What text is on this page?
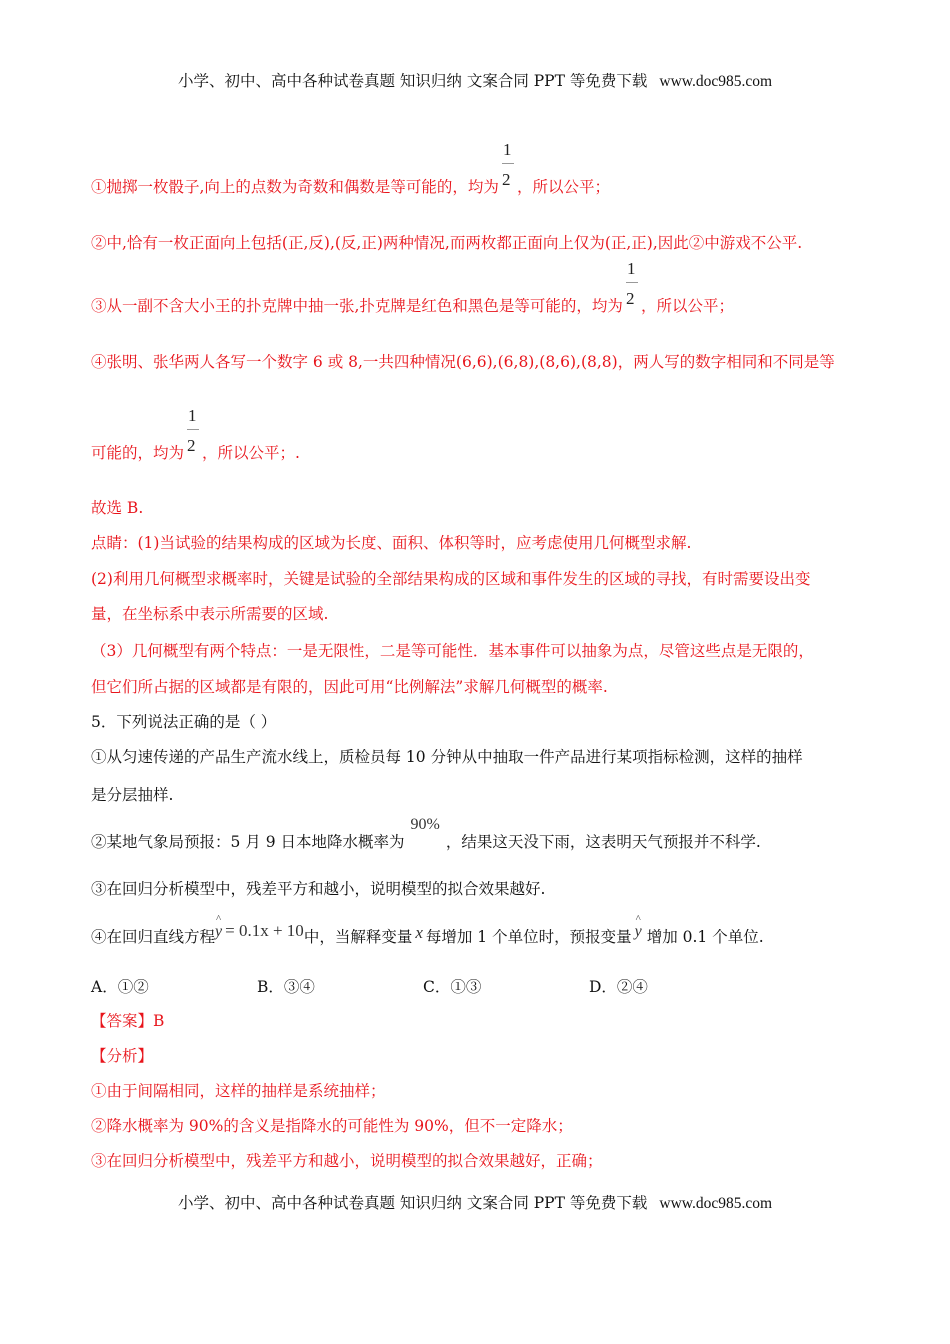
小学、初中、高中各种试卷真题 知识归纳 文案合同 PPT 等免费下载 www.doc985.com
①抛掷一枚骰子,向上的点数为奇数和偶数是等可能的，均为 $\frac{1}{2}$ ，所以公平；
②中,恰有一枚正面向上包括(正,反),(反,正)两种情况,而两枚都正面向上仅为(正,正),因此②中游戏不公平.
③从一副不含大小王的扑克牌中抽一张,扑克牌是红色和黑色是等可能的，均为 $\frac{1}{2}$ ，所以公平；
④张明、张华两人各写一个数字 6 或 8,一共四种情况(6,6),(6,8),(8,6),(8,8)，两人写的数字相同和不同是等
可能的，均为 $\frac{1}{2}$ ，所以公平；.
故选 B.
点睛：(1)当试验的结果构成的区域为长度、面积、体积等时，应考虑使用几何概型求解.
(2)利用几何概型求概率时，关键是试验的全部结果构成的区域和事件发生的区域的寻找，有时需要设出变
量，在坐标系中表示所需要的区域.
（3）几何概型有两个特点：一是无限性，二是等可能性．基本事件可以抽象为点，尽管这些点是无限的，
但它们所占据的区域都是有限的，因此可用“比例解法”求解几何概型的概率.
5．下列说法正确的是（ ）
①从匀速传递的产品生产流水线上，质检员每 10 分钟从中抽取一件产品进行某项指标检测，这样的抽样
是分层抽样.
②某地气象局预报：5 月 9 日本地降水概率为90%，结果这天没下雨，这表明天气预报并不科学.
③在回归分析模型中，残差平方和越小，说明模型的拟合效果越好.
④在回归直线方程^ y = 0.1x + 10中，当解释变量 x 每增加 1 个单位时，预报变量 ^ y 增加 0.1 个单位.
A．①②	B．③④	C．①③	D．②④
【答案】B
【分析】
①由于间隔相同，这样的抽样是系统抽样；
②降水概率为 90%的含义是指降水的可能性为 90%，但不一定降水；
③在回归分析模型中，残差平方和越小，说明模型的拟合效果越好，正确；
小学、初中、高中各种试卷真题 知识归纳 文案合同 PPT 等免费下载 www.doc985.com
